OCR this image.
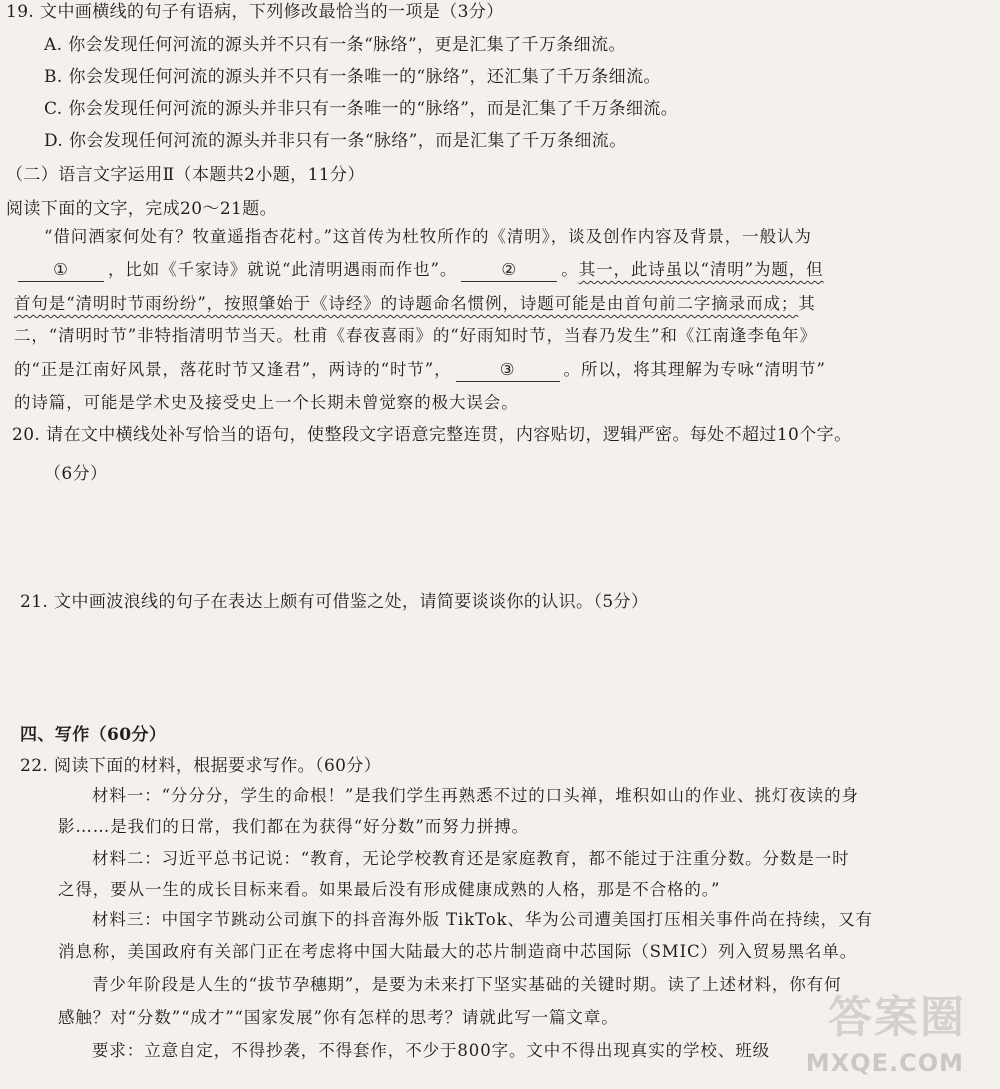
19. 文中画横线的句子有语病，下列修改最恰当的一项是（3分）
A. 你会发现任何河流的源头并不只有一条“脉络”，更是汇集了千万条细流。
B. 你会发现任何河流的源头并不只有一条唯一的“脉络”，还汇集了千万条细流。
C. 你会发现任何河流的源头并非只有一条唯一的“脉络”，而是汇集了千万条细流。
D. 你会发现任何河流的源头并非只有一条“脉络”，而是汇集了千万条细流。
（二）语言文字运用Ⅱ（本题共2小题，11分）
阅读下面的文字，完成20～21题。
“借问酒家何处有？牧童遥指杏花村。”这首传为杜牧所作的《清明》，谈及创作内容及背景，一般认为
① ，比如《千家诗》就说“此清明遇雨而作也”。	②	。其一，此诗虽以“清明”为题，但
首句是“清明时节雨纷纷”，按照肇始于《诗经》的诗题命名惯例，诗题可能是由首句前二字摘录而成；其
二，“清明时节”非特指清明节当天。杜甫《春夜喜雨》的“好雨知时节，当春乃发生”和《江南逢李龟年》
的“正是江南好风景，落花时节又逢君”，两诗的“时节”，	③	。所以，将其理解为专咏“清明节”
的诗篇，可能是学术史及接受史上一个长期未曾觉察的极大误会。
20. 请在文中横线处补写恰当的语句，使整段文字语意完整连贯，内容贴切，逻辑严密。每处不超过10个字。
（6分）
21. 文中画波浪线的句子在表达上颇有可借鉴之处，请简要谈谈你的认识。（5分）
四、写作（60分）
22. 阅读下面的材料，根据要求写作。（60分）
材料一：“分分分，学生的命根！”是我们学生再熟悉不过的口头禅，堆积如山的作业、挑灯夜读的身
影……是我们的日常，我们都在为获得“好分数”而努力拼搏。
材料二：习近平总书记说：“教育，无论学校教育还是家庭教育，都不能过于注重分数。分数是一时
之得，要从一生的成长目标来看。如果最后没有形成健康成熟的人格，那是不合格的。”
材料三：中国字节跳动公司旗下的抖音海外版 TikTok、华为公司遭美国打压相关事件尚在持续，又有
消息称，美国政府有关部门正在考虑将中国大陆最大的芯片制造商中芯国际（SMIC）列入贸易黑名单。
青少年阶段是人生的“拔节孕穗期”，是要为未来打下坚实基础的关键时期。读了上述材料，你有何
感触？对“分数”“成才”“国家发展”你有怎样的思考？请就此写一篇文章。
要求：立意自定，不得抄袭，不得套作，不少于800字。文中不得出现真实的学校、班级
答案圈
MXQE.COM
